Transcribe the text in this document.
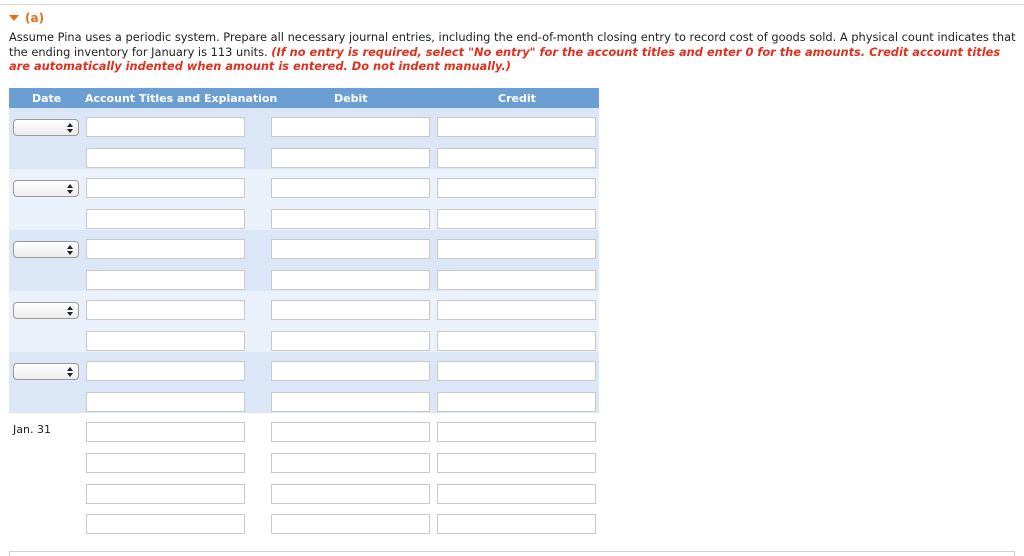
(a)
Assume Pina uses a periodic system. Prepare all necessary journal entries, including the end-of-month closing entry to record cost of goods sold. A physical count indicates that the ending inventory for January is 113 units. (If no entry is required, select "No entry" for the account titles and enter 0 for the amounts. Credit account titles are automatically indented when amount is entered. Do not indent manually.)
Date Account Titles and Explanation	Debit	Credit
Jan. 31
